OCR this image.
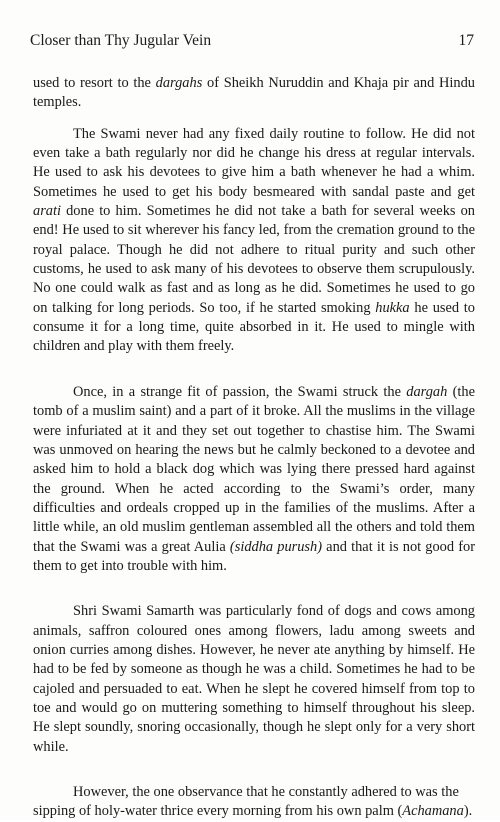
Closer than Thy Jugular Vein	17

used to resort to the dargahs of Sheikh Nuruddin and Khaja pir and Hindu temples.

The Swami never had any fixed daily routine to follow. He did not even take a bath regularly nor did he change his dress at regular intervals. He used to ask his devotees to give him a bath whenever he had a whim. Sometimes he used to get his body besmeared with sandal paste and get arati done to him. Sometimes he did not take a bath for several weeks on end! He used to sit wherever his fancy led, from the cremation ground to the royal palace. Though he did not adhere to ritual purity and such other customs, he used to ask many of his devotees to observe them scrupulously. No one could walk as fast and as long as he did. Sometimes he used to go on talking for long periods. So too, if he started smoking hukka he used to consume it for a long time, quite absorbed in it. He used to mingle with children and play with them freely.

Once, in a strange fit of passion, the Swami struck the dargah (the tomb of a muslim saint) and a part of it broke. All the muslims in the village were infuriated at it and they set out together to chastise him. The Swami was unmoved on hearing the news but he calmly beckoned to a devotee and asked him to hold a black dog which was lying there pressed hard against the ground. When he acted according to the Swami’s order, many difficulties and ordeals cropped up in the families of the muslims. After a little while, an old muslim gentleman assembled all the others and told them that the Swami was a great Aulia (siddha purush) and that it is not good for them to get into trouble with him.

Shri Swami Samarth was particularly fond of dogs and cows among animals, saffron coloured ones among flowers, ladu among sweets and onion curries among dishes. However, he never ate anything by himself. He had to be fed by someone as though he was a child. Sometimes he had to be cajoled and persuaded to eat. When he slept he covered himself from top to toe and would go on muttering something to himself throughout his sleep. He slept soundly, snoring occasionally, though he slept only for a very short while.

However, the one observance that he constantly adhered to was the sipping of holy-water thrice every morning from his own palm (Achamana).
